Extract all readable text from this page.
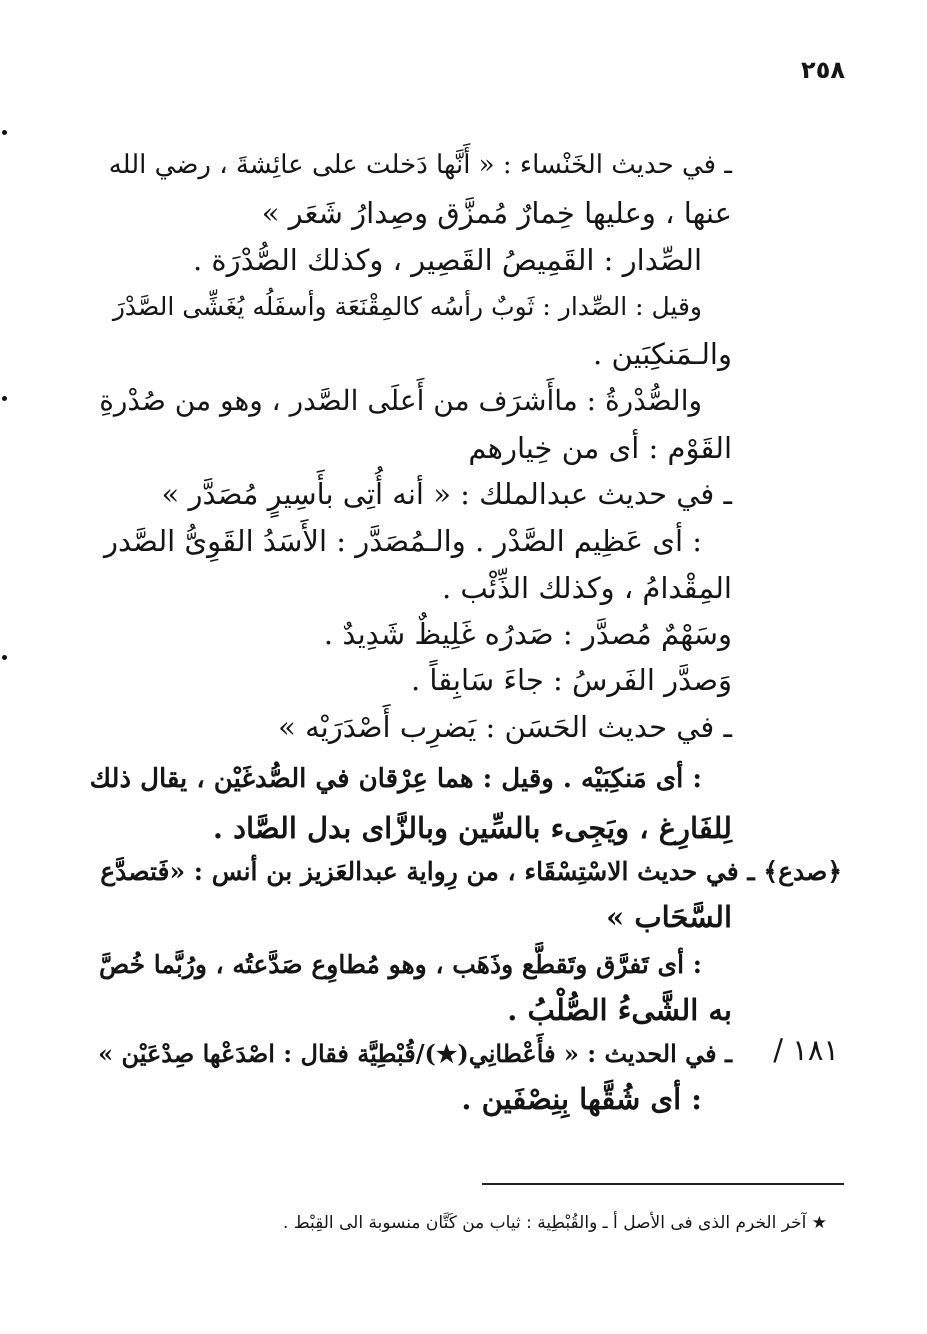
٢٥٨
ـ في حديث الخَنْساء : « أَنَّها دَخلت على عائِشةَ ، رضي الله
عنها ، وعليها خِمارٌ مُمزَّق وصِدارُ شَعَر »
الصِّدار : القَمِيصُ القَصِير ، وكذلك الصُّدْرَة .
وقيل : الصِّدار : ثَوبٌ رأسُه كالمِقْنَعَة وأسفَلُه يُغَشِّى الصَّدْرَ
والـمَنكِبَين .
والصُّدْرةُ : ماأَشرَف من أَعلَى الصَّدر ، وهو من صُدْرةِ
القَوْم : أى من خِيارهم
ـ في حديث عبدالملك : « أنه أُتِى بأَسِيرٍ مُصَدَّر »
: أى عَظِيم الصَّدْر . والـمُصَدَّر : الأَسَدُ القَوِىُّ الصَّدر
المِقْدامُ ، وكذلك الذِّئْب .
وسَهْمٌ مُصدَّر : صَدرُه غَلِيظٌ شَدِيدٌ .
وَصدَّر الفَرسُ : جاءَ سَابِقاً .
ـ في حديث الحَسَن : يَضرِب أَصْدَرَيْه »
: أى مَنكِبَيْه . وقيل : هما عِرْقان في الصُّدغَيْن ، يقال ذلك
لِلفَارِغ ، ويَجِىء بالسِّين وبالزَّاى بدل الصَّاد .
﴿صدع﴾ ـ في حديث الاسْتِسْقَاء ، من رِواية عبدالعَزيز بن أنس : «فَتصدَّع
السَّحَاب »
: أى تَفرَّق وتَقطَّع وذَهَب ، وهو مُطاوِع صَدَّعتُه ، ورُبَّما خُصَّ
به الشَّىءُ الصُّلْبُ .
ـ في الحديث : « فأَعْطانِي(★)/قُبْطِيَّة فقال : اصْدَعْها صِدْعَيْن »
: أى شُقَّها بِنِصْفَين .
١٨١ /
★ آخر الخرم الذى فى الأصل أ ـ والقُبْطِية : ثياب من كَتَّان منسوبة الى القِبْط .
